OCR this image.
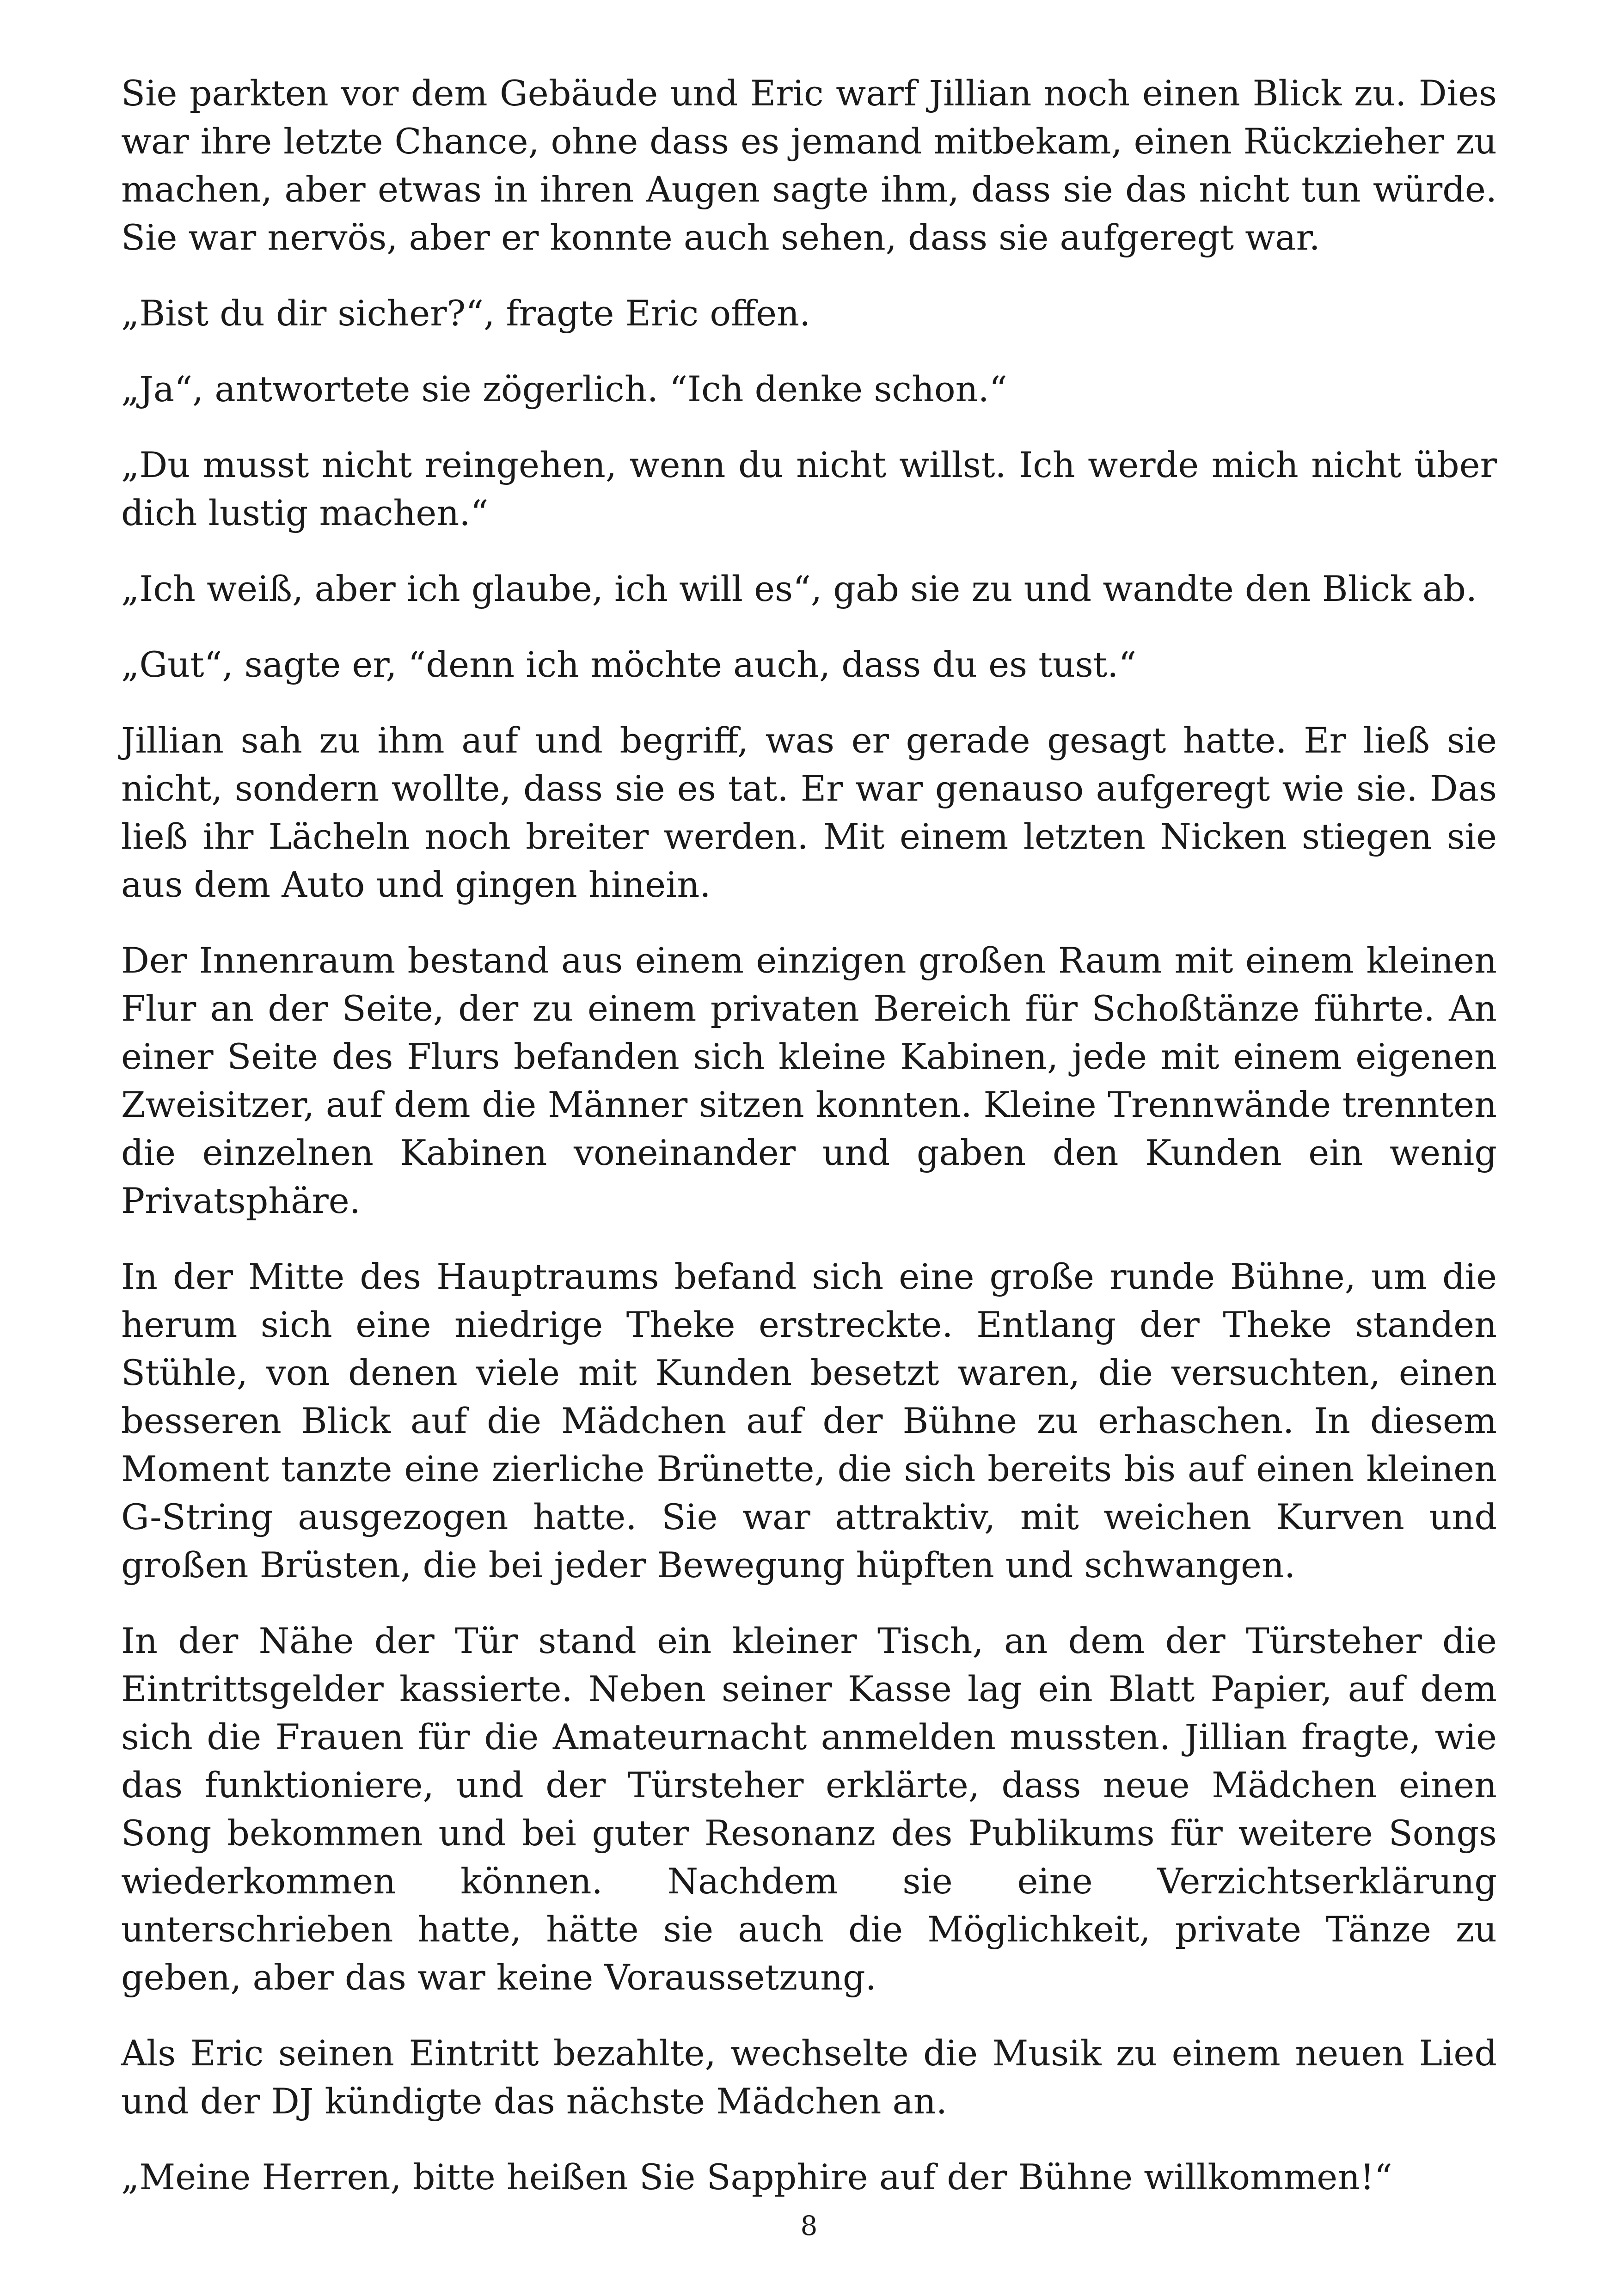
Sie parkten vor dem Gebäude und Eric warf Jillian noch einen Blick zu. Dies war ihre letzte Chance, ohne dass es jemand mitbekam, einen Rückzieher zu machen, aber etwas in ihren Augen sagte ihm, dass sie das nicht tun würde. Sie war nervös, aber er konnte auch sehen, dass sie aufgeregt war.

„Bist du dir sicher?“, fragte Eric offen.

„Ja“, antwortete sie zögerlich. “Ich denke schon.“

„Du musst nicht reingehen, wenn du nicht willst. Ich werde mich nicht über dich lustig machen.“

„Ich weiß, aber ich glaube, ich will es“, gab sie zu und wandte den Blick ab.

„Gut“, sagte er, “denn ich möchte auch, dass du es tust.“

Jillian sah zu ihm auf und begriff, was er gerade gesagt hatte. Er ließ sie nicht, sondern wollte, dass sie es tat. Er war genauso aufgeregt wie sie. Das ließ ihr Lächeln noch breiter werden. Mit einem letzten Nicken stiegen sie aus dem Auto und gingen hinein.

Der Innenraum bestand aus einem einzigen großen Raum mit einem kleinen Flur an der Seite, der zu einem privaten Bereich für Schoßtänze führte. An einer Seite des Flurs befanden sich kleine Kabinen, jede mit einem eigenen Zweisitzer, auf dem die Männer sitzen konnten. Kleine Trennwände trennten die einzelnen Kabinen voneinander und gaben den Kunden ein wenig Privatsphäre.

In der Mitte des Hauptraums befand sich eine große runde Bühne, um die herum sich eine niedrige Theke erstreckte. Entlang der Theke standen Stühle, von denen viele mit Kunden besetzt waren, die versuchten, einen besseren Blick auf die Mädchen auf der Bühne zu erhaschen. In diesem Moment tanzte eine zierliche Brünette, die sich bereits bis auf einen kleinen G-String ausgezogen hatte. Sie war attraktiv, mit weichen Kurven und großen Brüsten, die bei jeder Bewegung hüpften und schwangen.

In der Nähe der Tür stand ein kleiner Tisch, an dem der Türsteher die Eintrittsgelder kassierte. Neben seiner Kasse lag ein Blatt Papier, auf dem sich die Frauen für die Amateurnacht anmelden mussten. Jillian fragte, wie das funktioniere, und der Türsteher erklärte, dass neue Mädchen einen Song bekommen und bei guter Resonanz des Publikums für weitere Songs wiederkommen können. Nachdem sie eine Verzichtserklärung unterschrieben hatte, hätte sie auch die Möglichkeit, private Tänze zu geben, aber das war keine Voraussetzung.

Als Eric seinen Eintritt bezahlte, wechselte die Musik zu einem neuen Lied und der DJ kündigte das nächste Mädchen an.

„Meine Herren, bitte heißen Sie Sapphire auf der Bühne willkommen!“

8
